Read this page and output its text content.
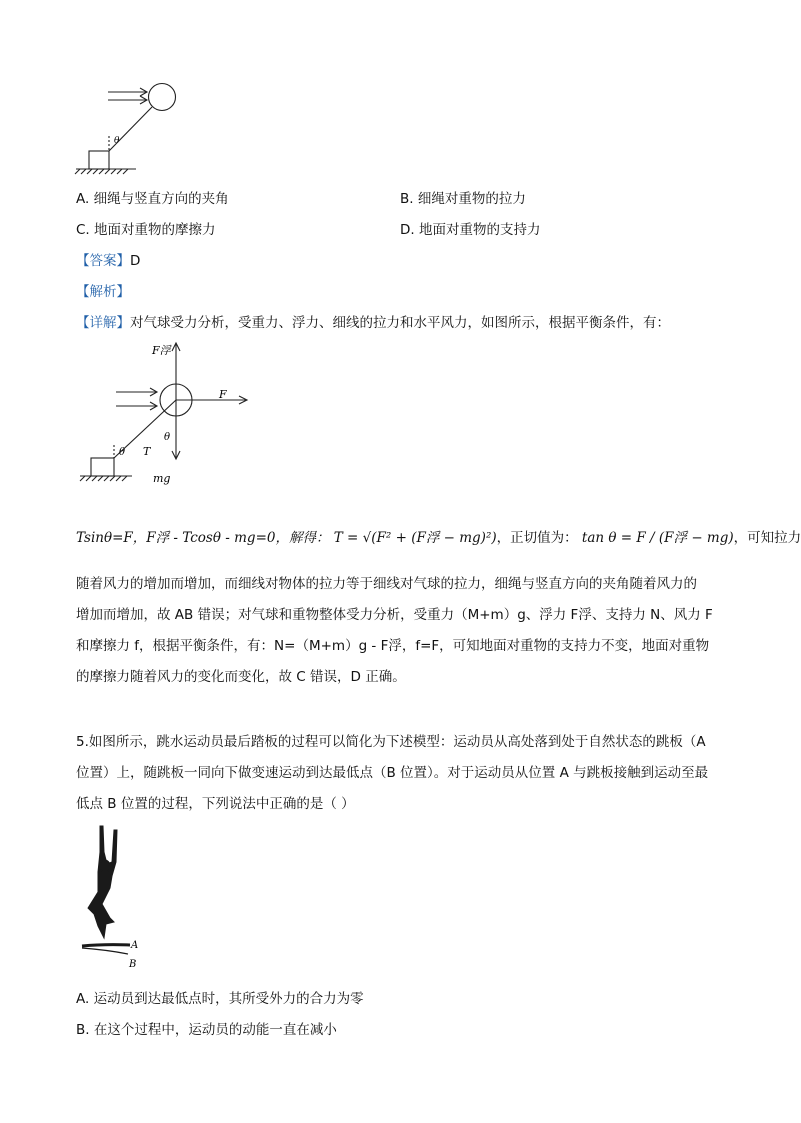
θ
A. 细绳与竖直方向的夹角	B. 细绳对重物的拉力
C. 地面对重物的摩擦力	D. 地面对重物的支持力
【答案】D
【解析】
【详解】对气球受力分析，受重力、浮力、细线的拉力和水平风力，如图所示，根据平衡条件，有：
F浮
F
θ
θ T
mg
Tsinθ=F，F浮 - Tcosθ - mg=0，解得： T = √(F² + (F浮 − mg)²)，正切值为： tan θ = F / (F浮 − mg)，可知拉力
随着风力的增加而增加，而细线对物体的拉力等于细线对气球的拉力，细绳与竖直方向的夹角随着风力的
增加而增加，故 AB 错误；对气球和重物整体受力分析，受重力（M+m）g、浮力 F浮、支持力 N、风力 F
和摩擦力 f，根据平衡条件，有：N=（M+m）g - F浮，f=F，可知地面对重物的支持力不变，地面对重物
的摩擦力随着风力的变化而变化，故 C 错误，D 正确。
5.如图所示，跳水运动员最后踏板的过程可以简化为下述模型：运动员从高处落到处于自然状态的跳板（A
位置）上，随跳板一同向下做变速运动到达最低点（B 位置）。对于运动员从位置 A 与跳板接触到运动至最
低点 B 位置的过程，下列说法中正确的是（ ）
A
B
A. 运动员到达最低点时，其所受外力的合力为零
B. 在这个过程中，运动员的动能一直在减小
